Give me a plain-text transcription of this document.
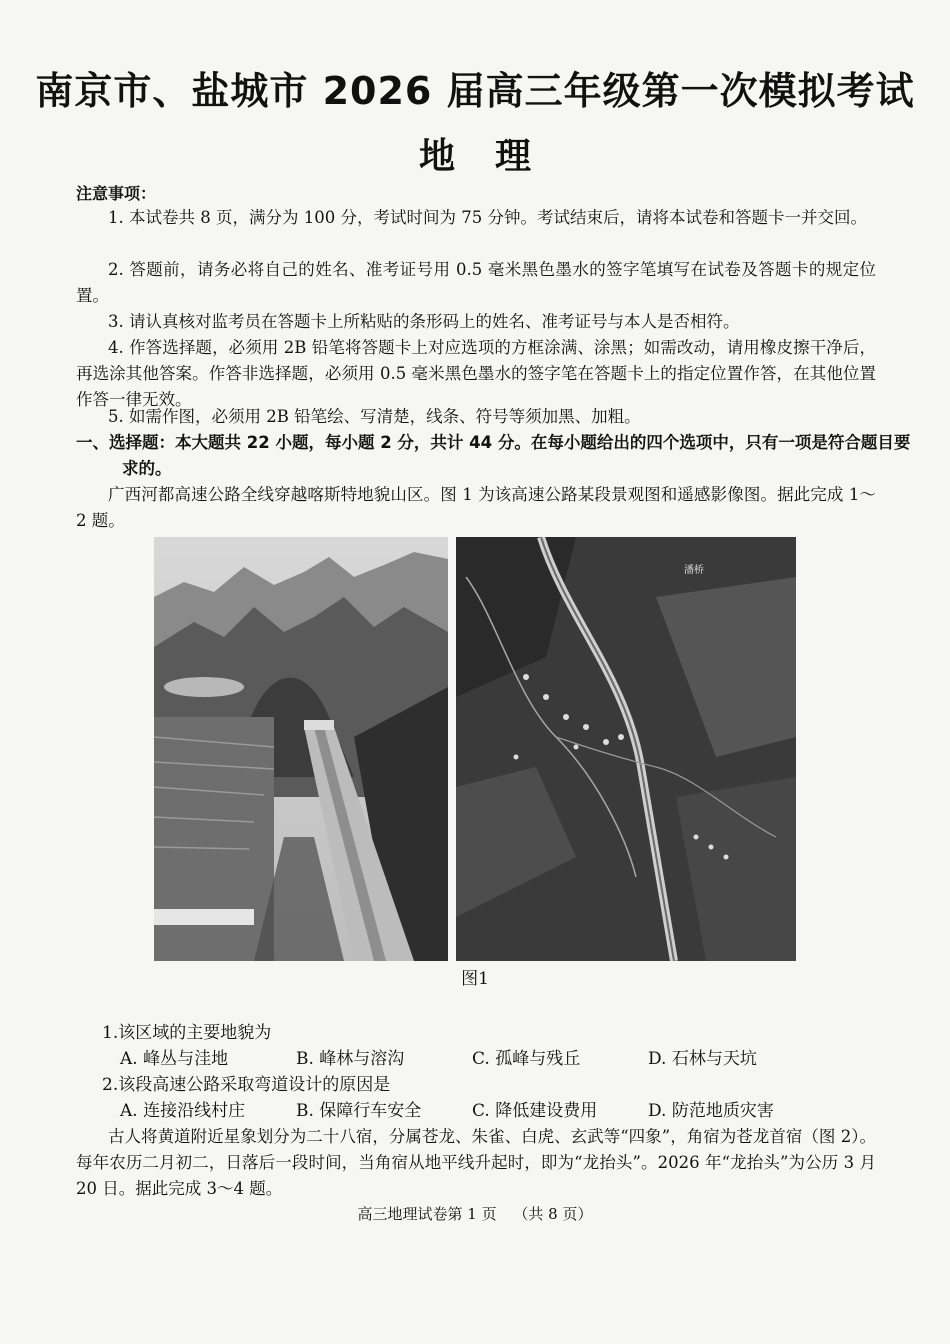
南京市、盐城市 2026 届高三年级第一次模拟考试
地理
注意事项：
1. 本试卷共 8 页，满分为 100 分，考试时间为 75 分钟。考试结束后，请将本试卷和答题卡一并交回。
2. 答题前，请务必将自己的姓名、准考证号用 0.5 毫米黑色墨水的签字笔填写在试卷及答题卡的规定位置。
3. 请认真核对监考员在答题卡上所粘贴的条形码上的姓名、准考证号与本人是否相符。
4. 作答选择题，必须用 2B 铅笔将答题卡上对应选项的方框涂满、涂黑；如需改动，请用橡皮擦干净后，再选涂其他答案。作答非选择题，必须用 0.5 毫米黑色墨水的签字笔在答题卡上的指定位置作答，在其他位置作答一律无效。
5. 如需作图，必须用 2B 铅笔绘、写清楚，线条、符号等须加黑、加粗。
一、选择题：本大题共 22 小题，每小题 2 分，共计 44 分。在每小题给出的四个选项中，只有一项是符合题目要求的。
广西河都高速公路全线穿越喀斯特地貌山区。图 1 为该高速公路某段景观图和遥感影像图。据此完成 1～2 题。
潘桥
图1
1.该区域的主要地貌为
A. 峰丛与洼地	B. 峰林与溶沟	C. 孤峰与残丘	D. 石林与天坑
2.该段高速公路采取弯道设计的原因是
A. 连接沿线村庄	B. 保障行车安全	C. 降低建设费用	D. 防范地质灾害
古人将黄道附近星象划分为二十八宿，分属苍龙、朱雀、白虎、玄武等“四象”，角宿为苍龙首宿（图 2）。每年农历二月初二，日落后一段时间，当角宿从地平线升起时，即为“龙抬头”。2026 年“龙抬头”为公历 3 月 20 日。据此完成 3～4 题。
高三地理试卷第 1 页 （共 8 页）
